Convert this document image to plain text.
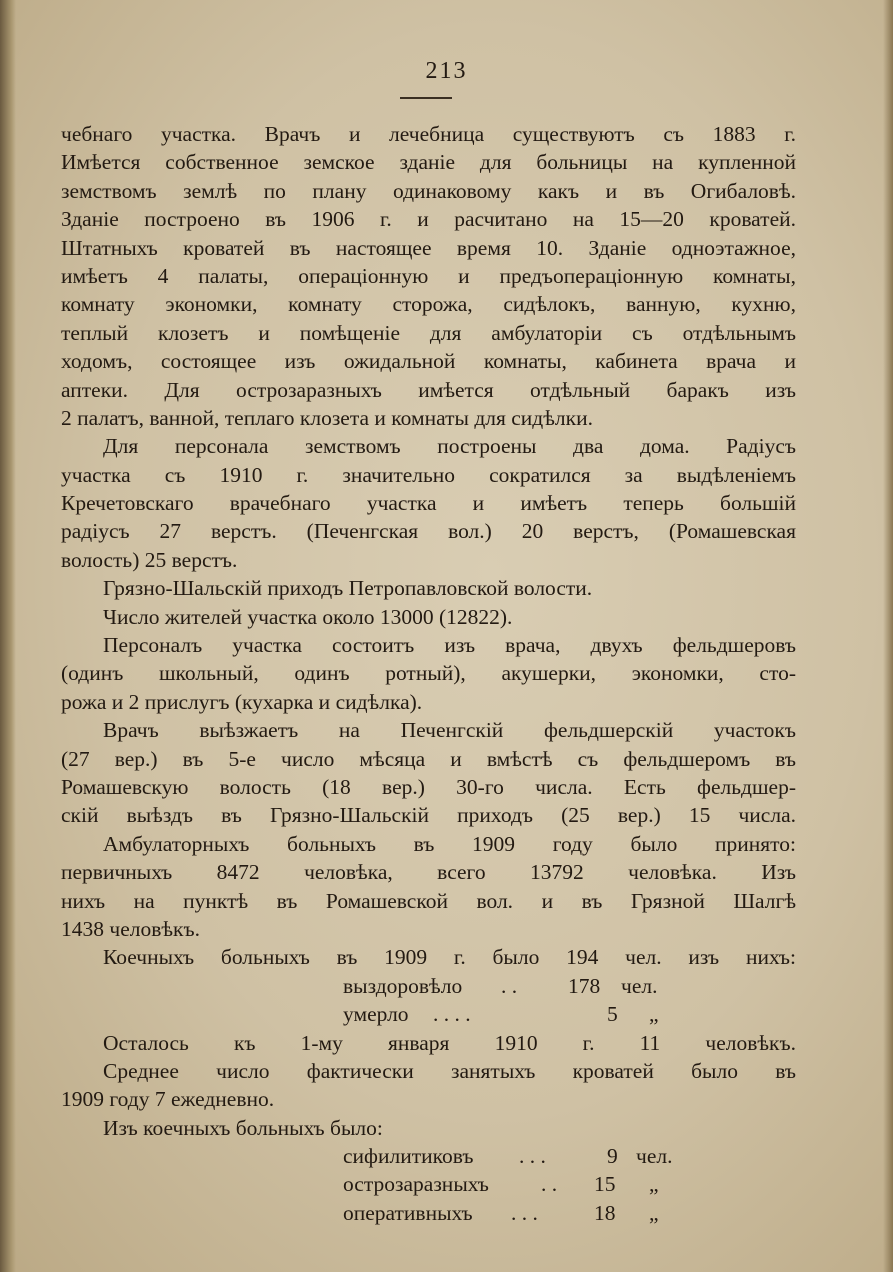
213
чебнаго участка. Врачъ и лечебница существуютъ съ 1883 г.
Имѣется собственное земское зданіе для больницы на купленной
земствомъ землѣ по плану одинаковому какъ и въ Огибаловѣ.
Зданіе построено въ 1906 г. и расчитано на 15—20 кроватей.
Штатныхъ кроватей въ настоящее время 10. Зданіе одноэтажное,
имѣетъ 4 палаты, операціонную и предъоперaціонную комнаты,
комнату экономки, комнату сторожа, сидѣлокъ, ванную, кухню,
теплый клозетъ и помѣщеніе для амбулаторіи съ отдѣльнымъ
ходомъ, состоящее изъ ожидальной комнаты, кабинета врача и
аптеки. Для острозаразныхъ имѣется отдѣльный баракъ изъ
2 палатъ, ванной, теплаго клозета и комнаты для сидѣлки.
Для персонала земствомъ построены два дома. Радіусъ
участка съ 1910 г. значительно сократился за выдѣленіемъ
Кречетовскаго врачебнаго участка и имѣетъ теперь большій
радіусъ 27 верстъ. (Печенгская вол.) 20 верстъ, (Ромашевская
волость) 25 верстъ.
Грязно-Шальскій приходъ Петропавловской волости.
Число жителей участка около 13000 (12822).
Персоналъ участка состоитъ изъ врача, двухъ фельдшеровъ
(одинъ школьный, одинъ ротный), акушерки, экономки, сто-
рожа и 2 прислугъ (кухарка и сидѣлка).
Врачъ выѣзжаетъ на Печенгскій фельдшерскій участокъ
(27 вер.) въ 5-е число мѣсяца и вмѣстѣ съ фельдшеромъ въ
Ромашевскую волость (18 вер.) 30-го числа. Есть фельдшер-
скій выѣздъ въ Грязно-Шальскій приходъ (25 вер.) 15 числа.
Амбулаторныхъ больныхъ въ 1909 году было принято:
первичныхъ 8472 человѣка, всего 13792 человѣка. Изъ
нихъ на пунктѣ въ Ромашевской вол. и въ Грязной Шалгѣ
1438 человѣкъ.
Коечныхъ больныхъ въ 1909 г. было 194 чел. изъ нихъ:
выздоровѣло . . 178 чел.
умерло . . . .	5 „
Осталось къ 1-му января 1910 г. 11 человѣкъ.
Среднее число фактически занятыхъ кроватей было въ
1909 году 7 ежедневно.
Изъ коечныхъ больныхъ было:
сифилитиковъ . . .	9 чел.
острозаразныхъ . . 15 „
оперативныхъ . . .	18 „
